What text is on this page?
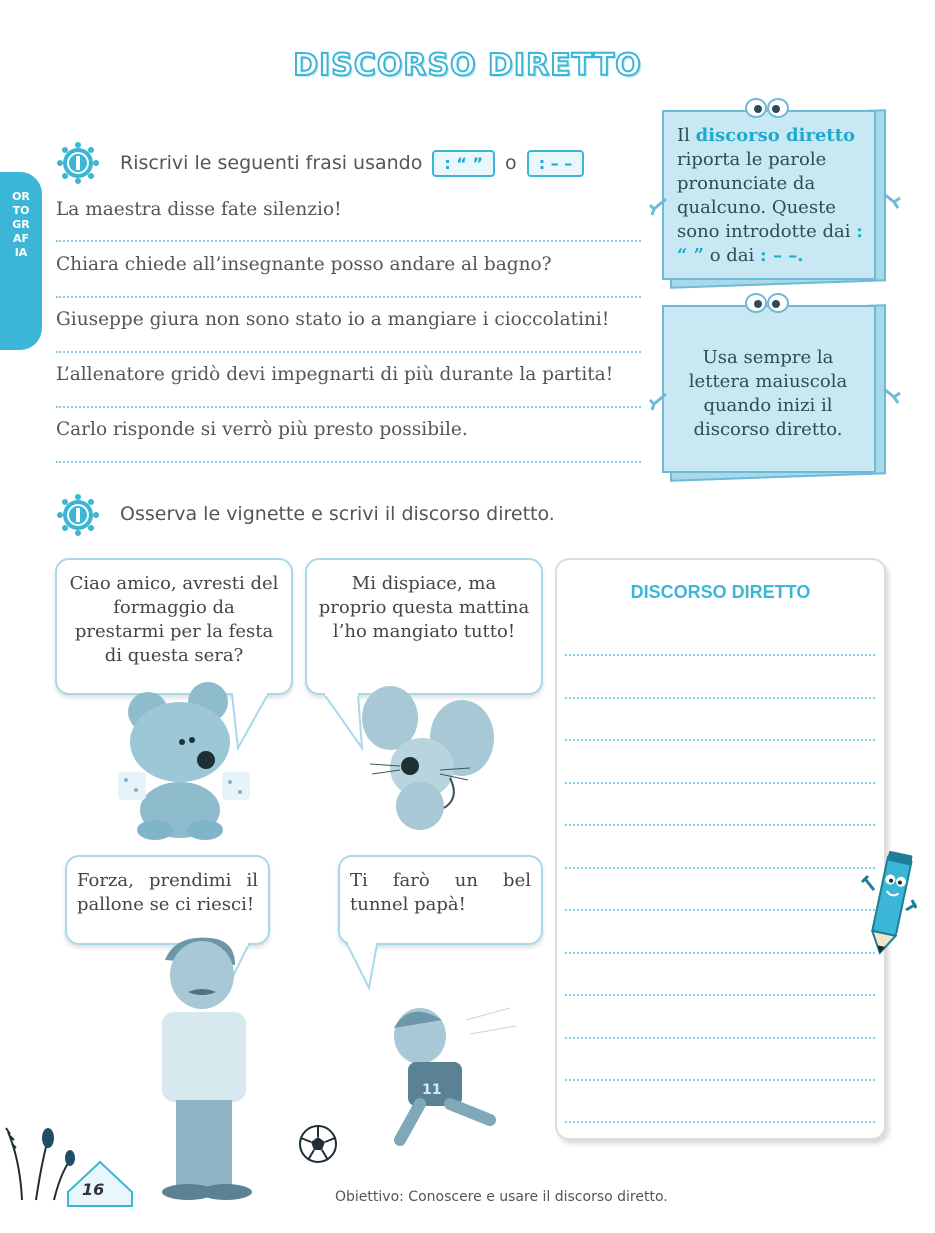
DISCORSO DIRETTO
ORTOGRAFIA
Riscrivi le seguenti frasi usando : “ ” o : – –
La maestra disse fate silenzio!
Chiara chiede all’insegnante posso andare al bagno?
Giuseppe giura non sono stato io a mangiare i cioccolatini!
L’allenatore gridò devi impegnarti di più durante la partita!
Carlo risponde si verrò più presto possibile.
Il discorso diretto riporta le parole pronunciate da qualcuno. Queste sono introdotte dai : “ ” o dai : – –.
Usa sempre la lettera maiuscola quando inizi il discorso diretto.
Osserva le vignette e scrivi il discorso diretto.
Ciao amico, avresti del formaggio da prestarmi per la festa di questa sera?
Mi dispiace, ma proprio questa mattina l’ho mangiato tutto!
Forza, prendimi il pallone se ci riesci!
Ti farò un bel tunnel papà!
11
DISCORSO DIRETTO
16	Obiettivo: Conoscere e usare il discorso diretto.
